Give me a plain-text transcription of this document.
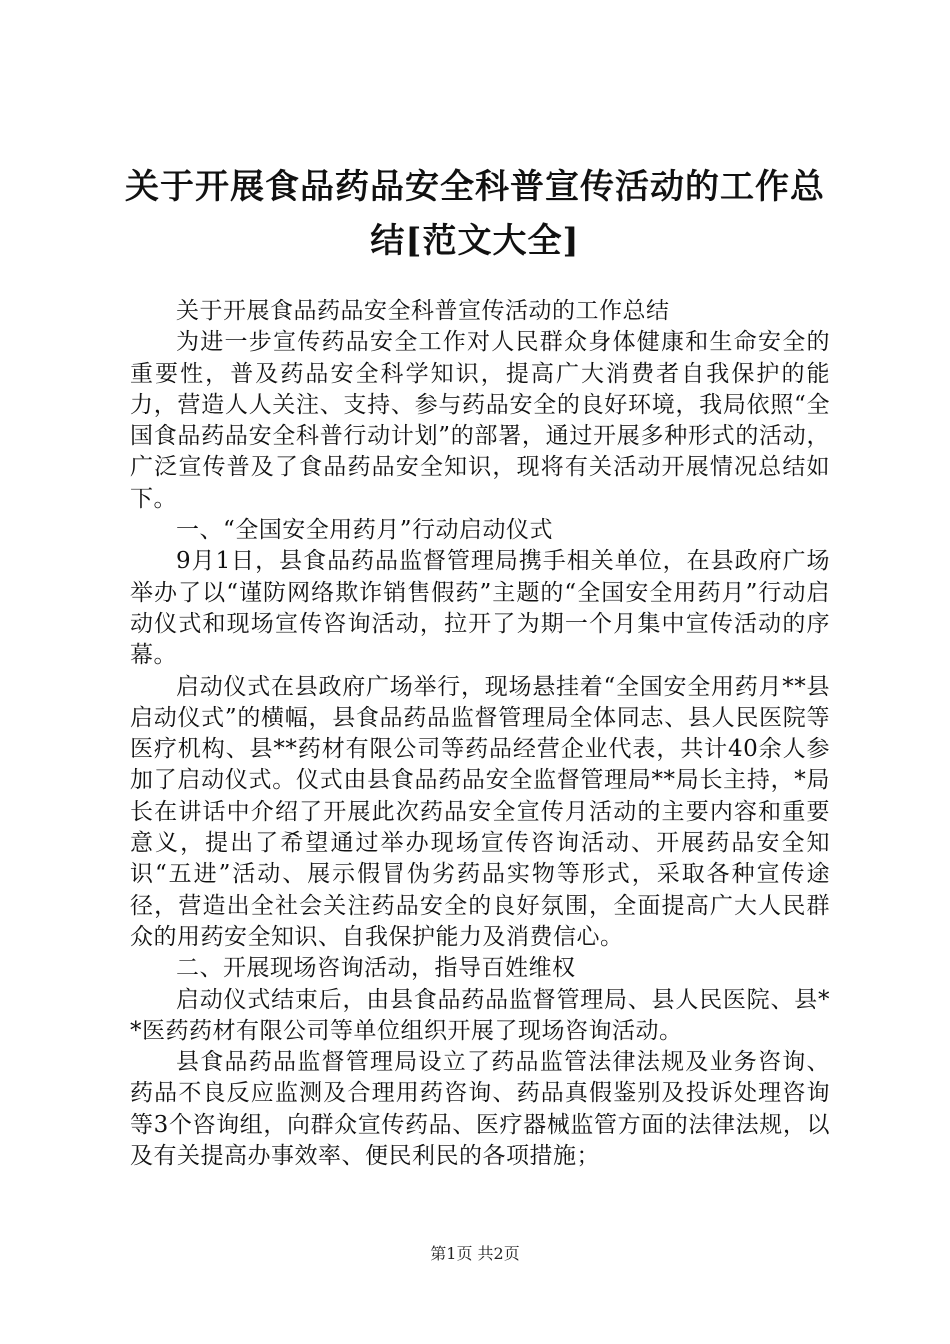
关于开展食品药品安全科普宣传活动的工作总结[范文大全]

关于开展食品药品安全科普宣传活动的工作总结

为进一步宣传药品安全工作对人民群众身体健康和生命安全的重要性，普及药品安全科学知识，提高广大消费者自我保护的能力，营造人人关注、支持、参与药品安全的良好环境，我局依照“全国食品药品安全科普行动计划”的部署，通过开展多种形式的活动，广泛宣传普及了食品药品安全知识，现将有关活动开展情况总结如下。

一、“全国安全用药月”行动启动仪式

9月1日，县食品药品监督管理局携手相关单位，在县政府广场举办了以“谨防网络欺诈销售假药”主题的“全国安全用药月”行动启动仪式和现场宣传咨询活动，拉开了为期一个月集中宣传活动的序幕。

启动仪式在县政府广场举行，现场悬挂着“全国安全用药月**县启动仪式”的横幅，县食品药品监督管理局全体同志、县人民医院等医疗机构、县**药材有限公司等药品经营企业代表，共计40余人参加了启动仪式。仪式由县食品药品安全监督管理局**局长主持，*局长在讲话中介绍了开展此次药品安全宣传月活动的主要内容和重要意义，提出了希望通过举办现场宣传咨询活动、开展药品安全知识“五进”活动、展示假冒伪劣药品实物等形式，采取各种宣传途径，营造出全社会关注药品安全的良好氛围，全面提高广大人民群众的用药安全知识、自我保护能力及消费信心。

二、开展现场咨询活动，指导百姓维权

启动仪式结束后，由县食品药品监督管理局、县人民医院、县**医药药材有限公司等单位组织开展了现场咨询活动。

县食品药品监督管理局设立了药品监管法律法规及业务咨询、药品不良反应监测及合理用药咨询、药品真假鉴别及投诉处理咨询等3个咨询组，向群众宣传药品、医疗器械监管方面的法律法规，以及有关提高办事效率、便民利民的各项措施；

第1页 共2页
